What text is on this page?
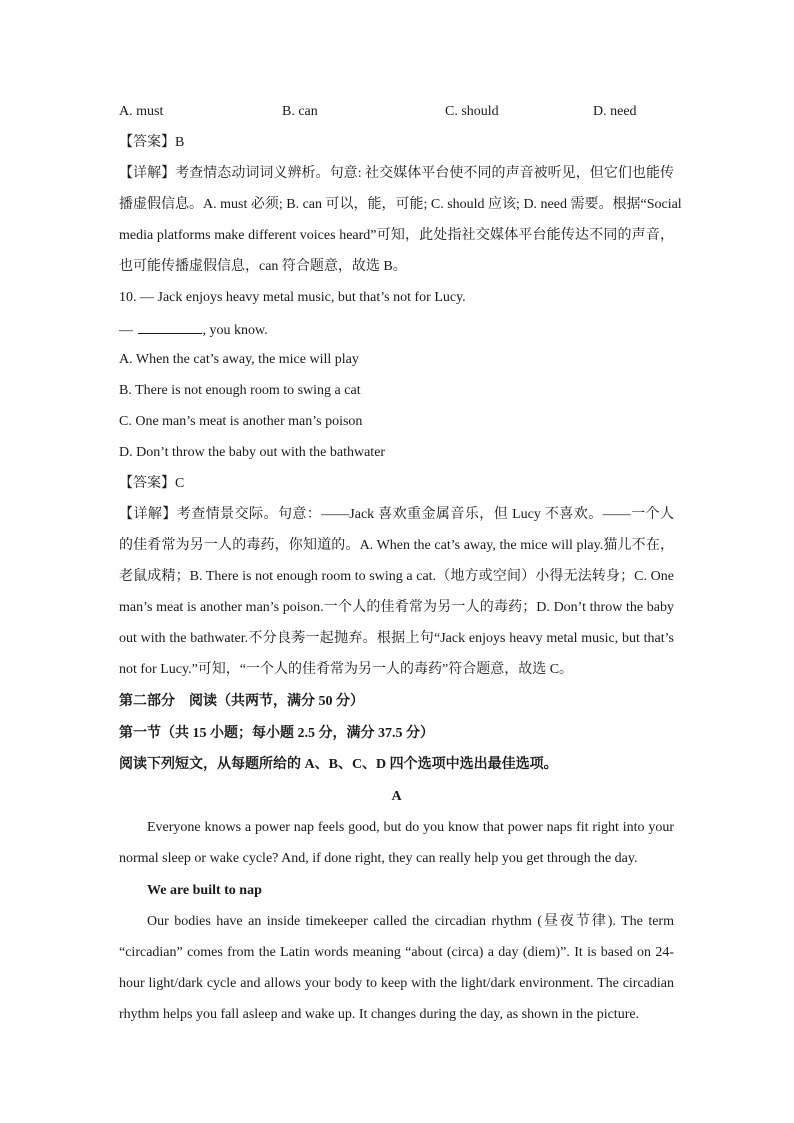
A. must	B. can	C. should	D. need
【答案】B
【详解】考查情态动词词义辨析。句意: 社交媒体平台使不同的声音被听见，但它们也能传
播虚假信息。A. must 必须; B. can 可以，能，可能; C. should 应该; D. need 需要。根据“Social
media platforms make different voices heard”可知，此处指社交媒体平台能传达不同的声音，
也可能传播虚假信息，can 符合题意，故选 B。
10. — Jack enjoys heavy metal music, but that’s not for Lucy.
—	, you know.
A. When the cat’s away, the mice will play
B. There is not enough room to swing a cat
C. One man’s meat is another man’s poison
D. Don’t throw the baby out with the bathwater
【答案】C
【详解】考查情景交际。句意：——Jack 喜欢重金属音乐，但 Lucy 不喜欢。——一个人
的佳肴常为另一人的毒药，你知道的。A. When the cat’s away, the mice will play.猫儿不在，
老鼠成精；B. There is not enough room to swing a cat.（地方或空间）小得无法转身；C. One
man’s meat is another man’s poison.一个人的佳肴常为另一人的毒药；D. Don’t throw the baby
out with the bathwater.不分良莠一起抛弃。根据上句“Jack enjoys heavy metal music, but that’s
not for Lucy.”可知，“一个人的佳肴常为另一人的毒药”符合题意，故选 C。
第二部分　阅读（共两节，满分 50 分）
第一节（共 15 小题；每小题 2.5 分，满分 37.5 分）
阅读下列短文，从每题所给的 A、B、C、D 四个选项中选出最佳选项。
A
Everyone knows a power nap feels good, but do you know that power naps fit right into your
normal sleep or wake cycle? And, if done right, they can really help you get through the day.
We are built to nap
Our bodies have an inside timekeeper called the circadian rhythm (昼夜节律). The term
“circadian” comes from the Latin words meaning “about (circa) a day (diem)”. It is based on 24-
hour light/dark cycle and allows your body to keep with the light/dark environment. The circadian
rhythm helps you fall asleep and wake up. It changes during the day, as shown in the picture.
